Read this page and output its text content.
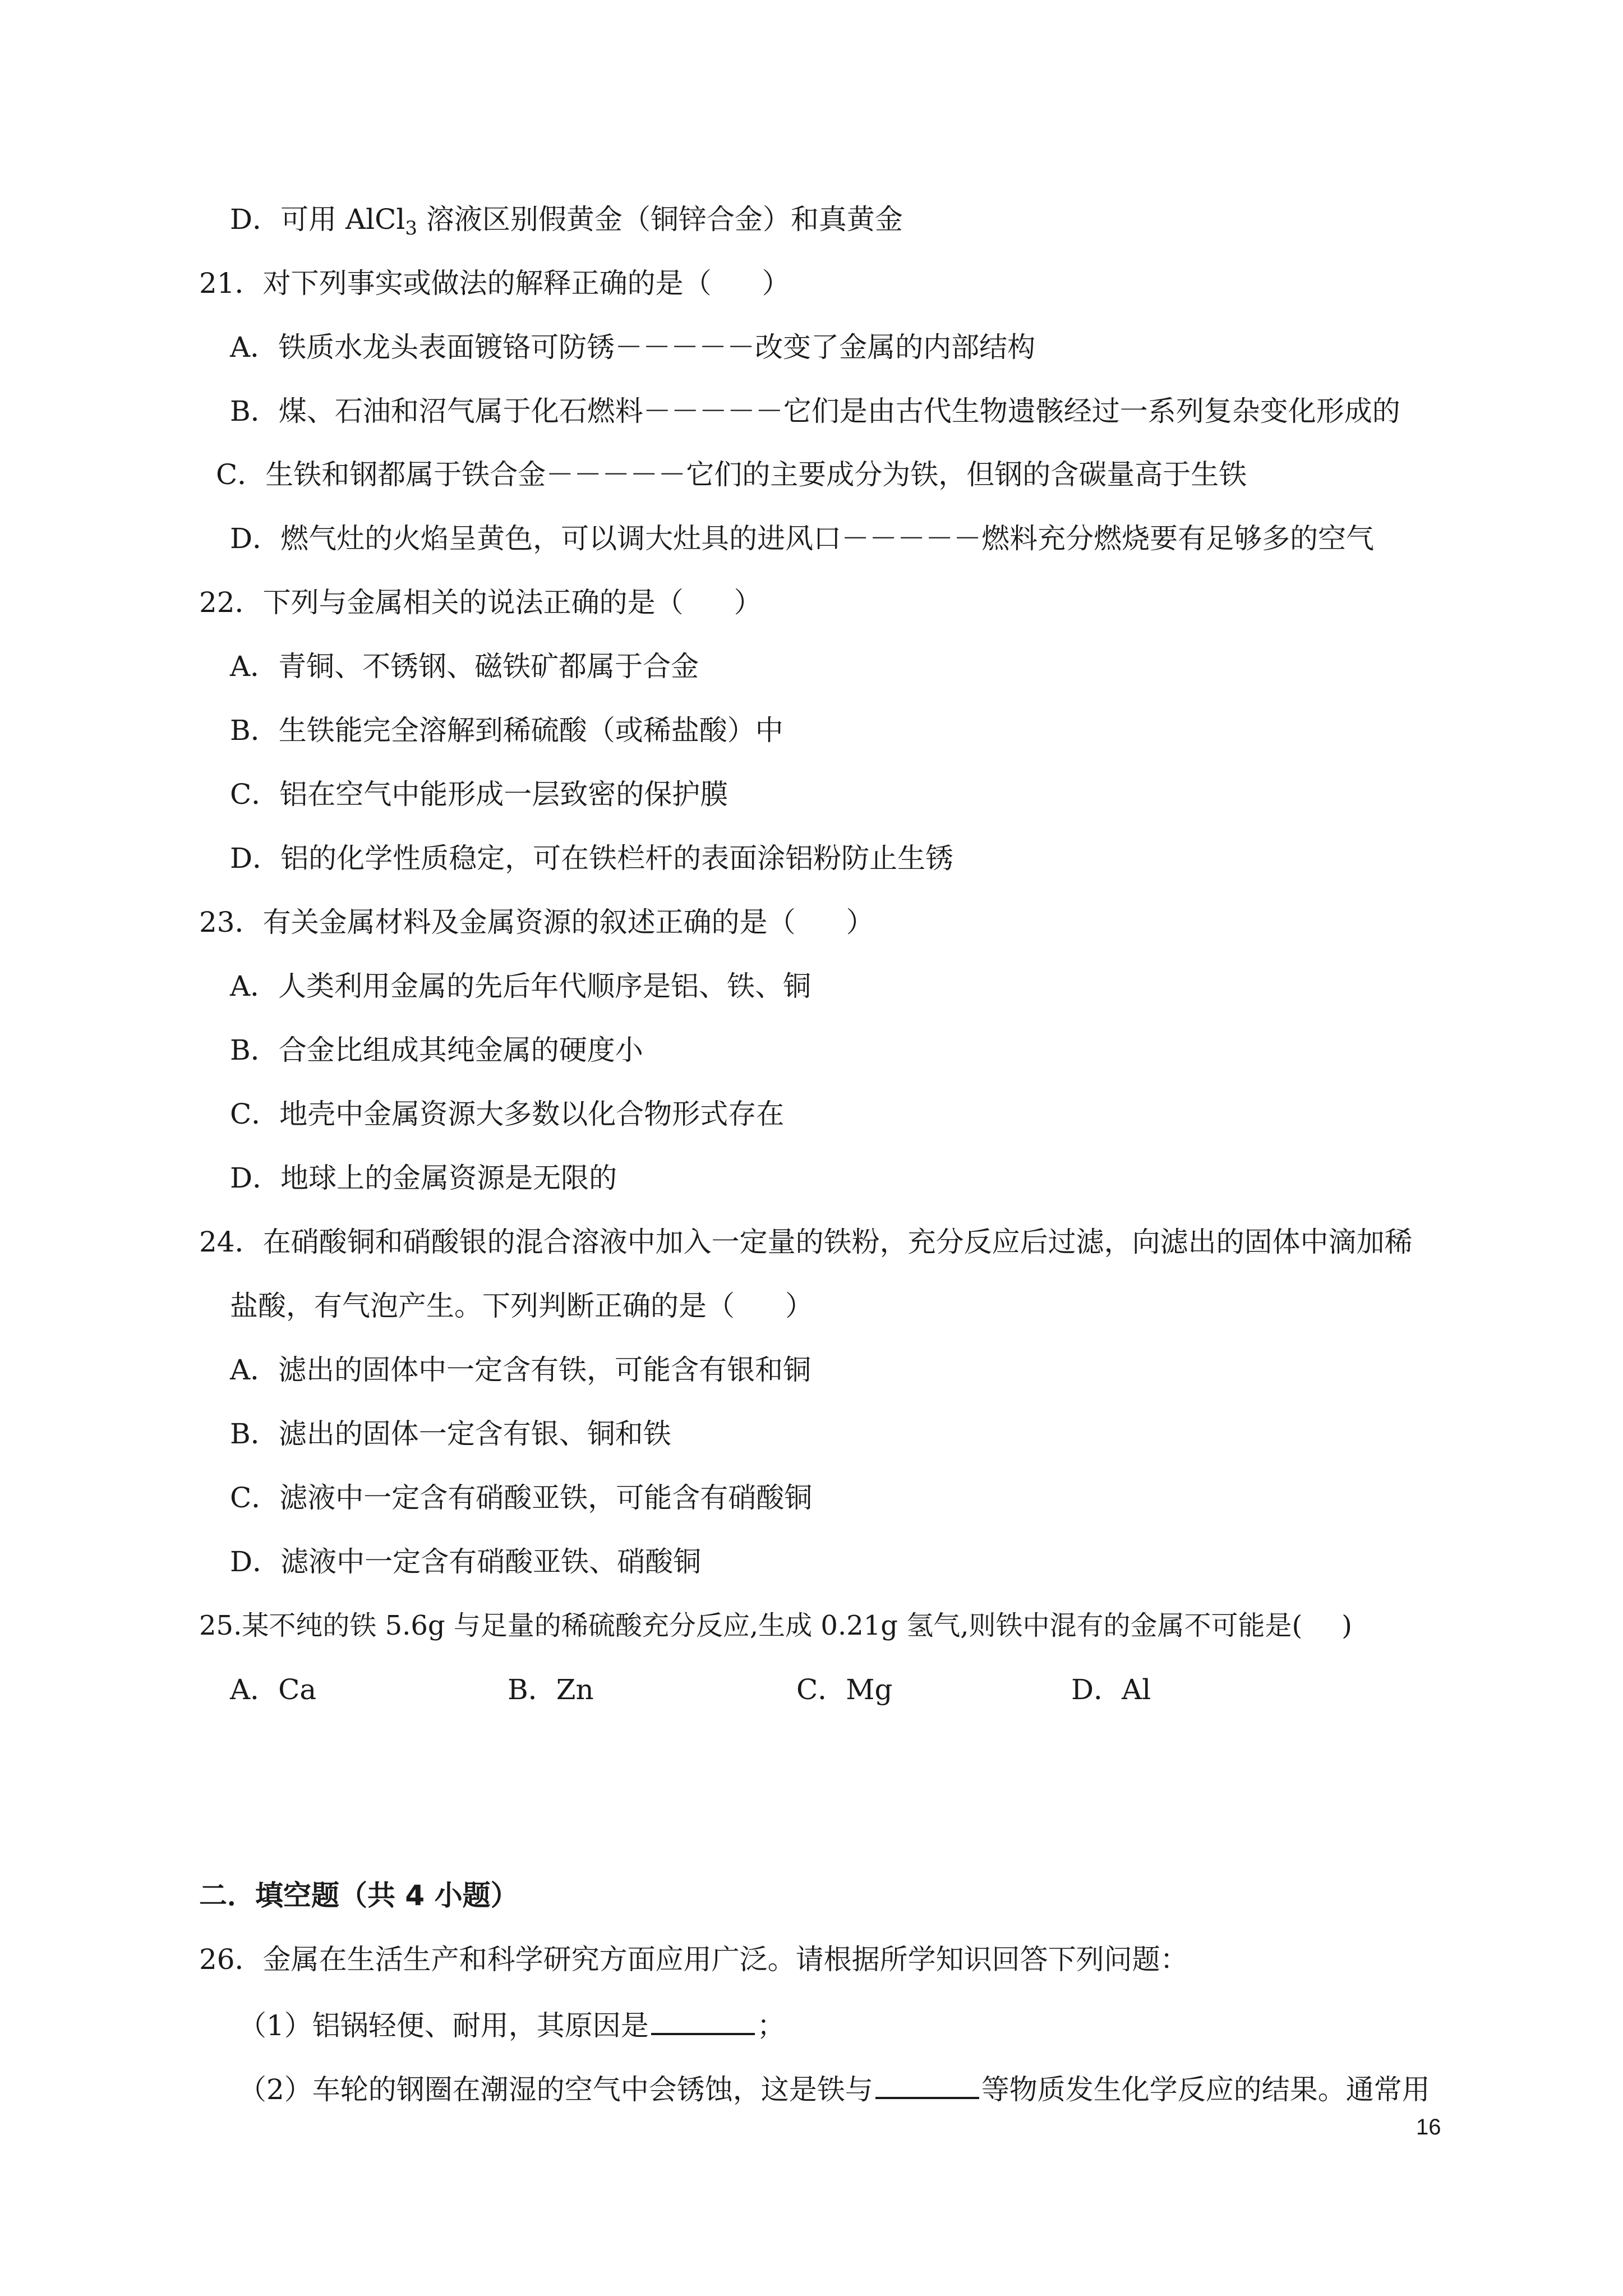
D．可用 AlCl$_3$ 溶液区别假黄金（铜锌合金）和真黄金
21．对下列事实或做法的解释正确的是（ ）
A．铁质水龙头表面镀铬可防锈－－－－－改变了金属的内部结构
B．煤、石油和沼气属于化石燃料－－－－－它们是由古代生物遗骸经过一系列复杂变化形成的
C．生铁和钢都属于铁合金－－－－－它们的主要成分为铁，但钢的含碳量高于生铁
D．燃气灶的火焰呈黄色，可以调大灶具的进风口－－－－－燃料充分燃烧要有足够多的空气
22．下列与金属相关的说法正确的是（ ）
A．青铜、不锈钢、磁铁矿都属于合金
B．生铁能完全溶解到稀硫酸（或稀盐酸）中
C．铝在空气中能形成一层致密的保护膜
D．铝的化学性质稳定，可在铁栏杆的表面涂铝粉防止生锈
23．有关金属材料及金属资源的叙述正确的是（ ）
A．人类利用金属的先后年代顺序是铝、铁、铜
B．合金比组成其纯金属的硬度小
C．地壳中金属资源大多数以化合物形式存在
D．地球上的金属资源是无限的
24．在硝酸铜和硝酸银的混合溶液中加入一定量的铁粉，充分反应后过滤，向滤出的固体中滴加稀
盐酸，有气泡产生。下列判断正确的是（ ）
A．滤出的固体中一定含有铁，可能含有银和铜
B．滤出的固体一定含有银、铜和铁
C．滤液中一定含有硝酸亚铁，可能含有硝酸铜
D．滤液中一定含有硝酸亚铁、硝酸铜
25.某不纯的铁 5.6g 与足量的稀硫酸充分反应,生成 0.21g 氢气,则铁中混有的金属不可能是( )
A．Ca	B．Zn	C．Mg	D．Al
二．填空题（共 4 小题）
26．金属在生活生产和科学研究方面应用广泛。请根据所学知识回答下列问题：
（1）铝锅轻便、耐用，其原因是	；
（2）车轮的钢圈在潮湿的空气中会锈蚀，这是铁与	等物质发生化学反应的结果。通常用
16
